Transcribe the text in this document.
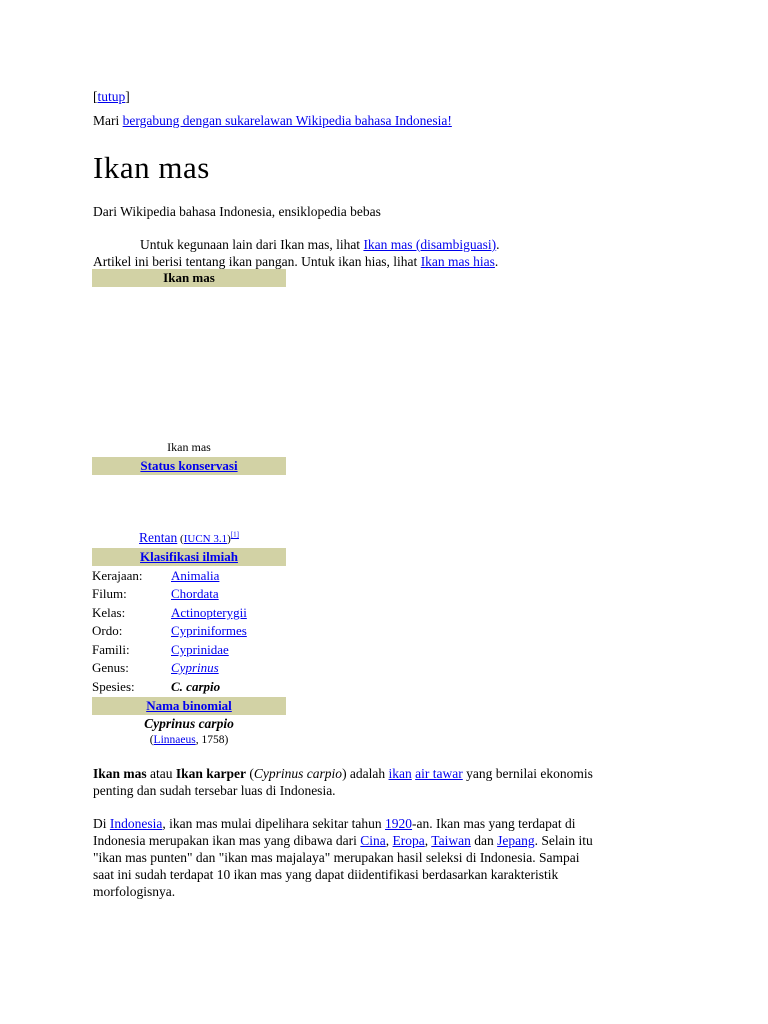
[tutup]
Mari bergabung dengan sukarelawan Wikipedia bahasa Indonesia!
Ikan mas
Dari Wikipedia bahasa Indonesia, ensiklopedia bebas
Untuk kegunaan lain dari Ikan mas, lihat Ikan mas (disambiguasi).
Artikel ini berisi tentang ikan pangan. Untuk ikan hias, lihat Ikan mas hias.
Ikan mas
Ikan mas
Status konservasi
Rentan (IUCN 3.1)[1]
Klasifikasi ilmiah
Kerajaan: Animalia
Filum:	Chordata
Kelas:	Actinopterygii
Ordo:	Cypriniformes
Famili:	Cyprinidae
Genus:	Cyprinus
Spesies:	C. carpio
Nama binomial
Cyprinus carpio
(Linnaeus, 1758)
Ikan mas atau Ikan karper (Cyprinus carpio) adalah ikan air tawar yang bernilai ekonomis
penting dan sudah tersebar luas di Indonesia.
Di Indonesia, ikan mas mulai dipelihara sekitar tahun 1920-an. Ikan mas yang terdapat di
Indonesia merupakan ikan mas yang dibawa dari Cina, Eropa, Taiwan dan Jepang. Selain itu
"ikan mas punten" dan "ikan mas majalaya" merupakan hasil seleksi di Indonesia. Sampai
saat ini sudah terdapat 10 ikan mas yang dapat diidentifikasi berdasarkan karakteristik
morfologisnya.
